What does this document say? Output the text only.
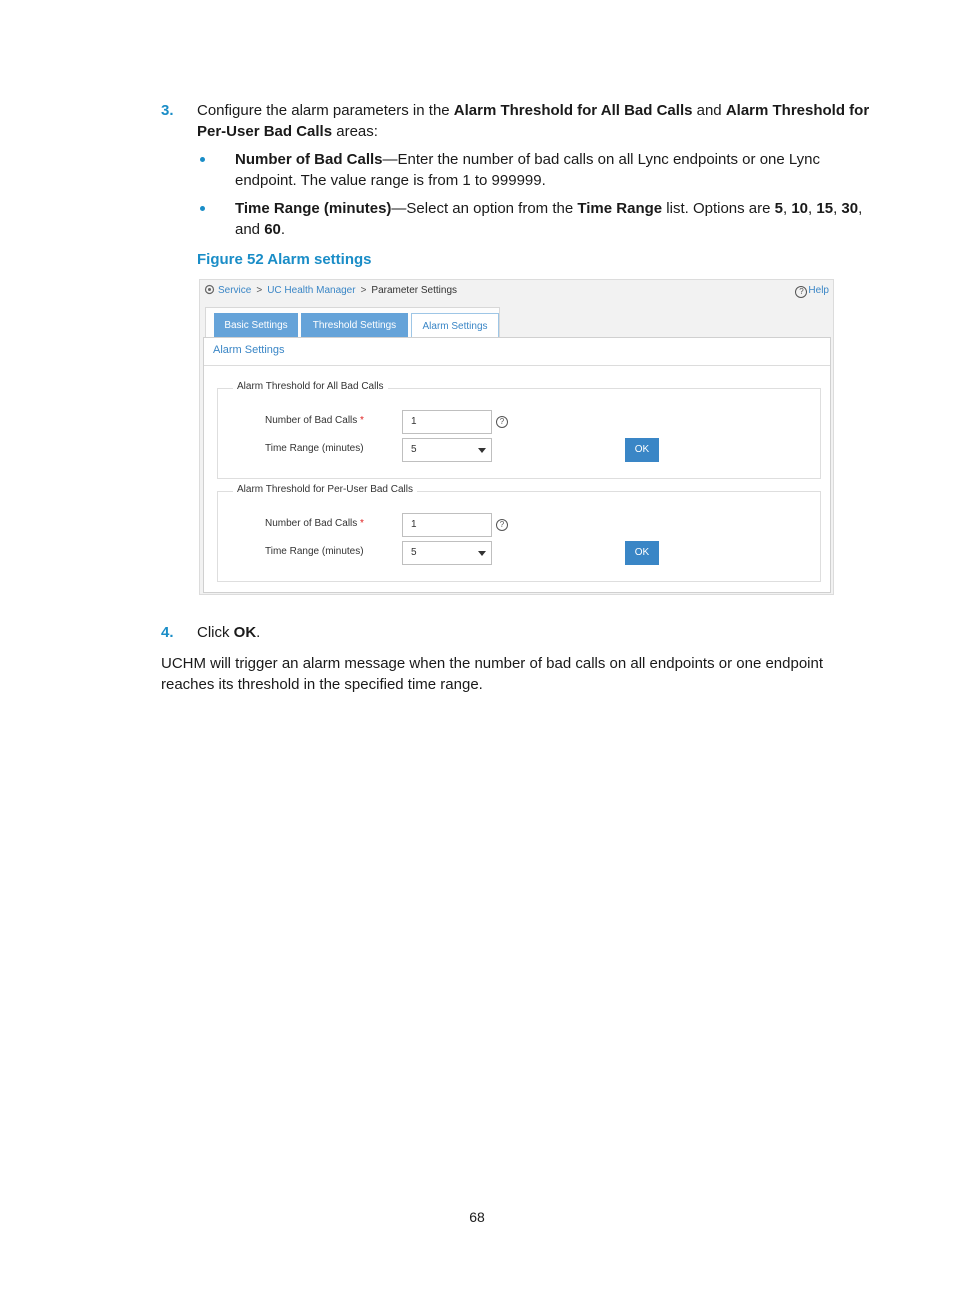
3. Configure the alarm parameters in the Alarm Threshold for All Bad Calls and Alarm Threshold for
Per-User Bad Calls areas:
Number of Bad Calls—Enter the number of bad calls on all Lync endpoints or one Lync
endpoint. The value range is from 1 to 999999.
Time Range (minutes)—Select an option from the Time Range list. Options are 5, 10, 15, 30,
and 60.
Figure 52 Alarm settings
Service > UC Health Manager > Parameter Settings	? Help
Basic Settings	Threshold Settings	Alarm Settings
Alarm Settings
Alarm Threshold for All Bad Calls
Number of Bad Calls *	1	?
Time Range (minutes)	5	OK
Alarm Threshold for Per-User Bad Calls
Number of Bad Calls *	1	?
Time Range (minutes)	5	OK
4. Click OK.
UCHM will trigger an alarm message when the number of bad calls on all endpoints or one endpoint
reaches its threshold in the specified time range.
68
